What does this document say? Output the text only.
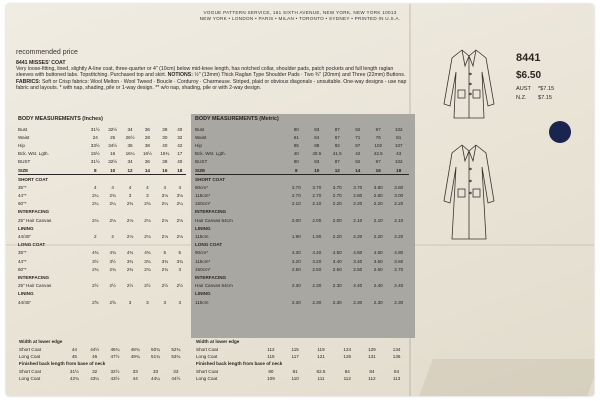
VOGUE PATTERN SERVICE, 161 SIXTH AVENUE, NEW YORK, NEW YORK 10013
NEW YORK • LONDON • PARIS • MILAN • TORONTO • SYDNEY • PRINTED IN U.S.A.
recommended price
8441 MISSES' COAT
Very loose-fitting, lined, slightly A-line coat, three-quarter or 4" (10cm) below mid-knee length, has notched collar, shoulder pads, patch pockets and full length raglan sleeves with buttoned tabs. Topstitching. Purchased top and skirt. NOTIONS: ½" (13mm) Thick Raglan Type Shoulder Pads · Two ¾" (20mm) and Three (22mm) Buttons. FABRICS: Soft or Crisp fabrics: Wool Melton · Wool Tweed · Boucle · Corduroy · Charmeuse. Striped, plaid or obvious diagonals - unsuitable. One-way designs - use nap fabric and layouts. * with nap, shading, pile or 1-way design. ** w/o nap, shading, pile or with 2-way design.
8441
$6.50
AUST *$7.15
N.Z. $7.15
BODY MEASUREMENTS (Inches)
Bust	31½	32½	34	36	38	40
Waist	24	25	26½	28	30	32
Hip	33½	34½	36	38	40	42
Bck. Wst. Lgth.	15½	16	16¼	16½	16¾	17
BUST	31½	32½	34	36	38	40
SIZE	8	10	12	14	16	18
SHORT COAT						
35"*	4	4	4	4	4	4
44"*	2¼	2¾	3	3	3⅛	3⅛
60"*	2¼	2¼	2¾	2¾	2¼	2¼
INTERFACING						
25" Hair Canvas	2⅛	2⅛	2⅛	2⅛	2⅛	2⅛
LINING						
44/45"	2	2	2⅛	2⅛	2⅛	2⅛
LONG COAT						
35"*	4¾	4¾	4¾	4¾	5	5
44"*	3½	3½	3¾	3¾	3¾	3¾
60"*	2¾	2¾	2¾	2¾	2¾	3
INTERFACING						
25" Hair Canvas	2½	2½	2½	2½	2½	2½
LINING						
44/45"	2⅝	2⅝	3	3	3	3
BODY MEASUREMENTS (Metric)
Bust	80	83	87	92	97	102
Waist	61	64	67	71	76	81
Hip	85	88	92	97	102	107
Bck. Wst. Lgth.	40	40.5	41.5	42	42.5	43
BUST	80	83	87	92	97	102
SIZE	8	10	12	14	16	18
SHORT COAT						
90cm*	3.70	3.70	3.70	3.70	3.80	3.80
115cm*	2.70	2.70	2.70	2.80	2.80	3.00
150cm*	2.10	2.10	2.20	2.20	2.20	2.20
INTERFACING						
Hair Canvas 64cm	2.00	2.00	2.00	2.10	2.10	2.10
LINING						
115cm	1.90	1.90	2.20	2.20	2.20	2.20
LONG COAT						
90cm*	4.30	4.40	4.50	4.50	4.60	4.80
115cm*	3.20	3.20	3.40	3.40	3.50	3.60
150cm*	2.50	2.50	2.50	2.50	2.60	2.70
INTERFACING						
Hair Canvas 64cm	2.30	2.30	2.30	2.40	2.40	2.40
LINING						
115cm	2.30	2.30	2.30	2.30	2.30	2.30
Width at lower edge						
Short Coat	44	44½	46¾	48¾	50¾	52¾
Long Coat	45	46	47½	49¾	51¾	53¾
Finished back length from base of neck						
Short Coat	31½	32	32½	33	33	33
Long Coat	42¾	43¼	43½	44	44¼	44½
Width at lower edge						
Short Coat	112	115	119	124	129	134
Long Coat	115	117	121	126	131	136
Finished back length from base of neck						
Short Coat	80	81	82.5	84	84	84
Long Coat	109	110	111	112	112	113
